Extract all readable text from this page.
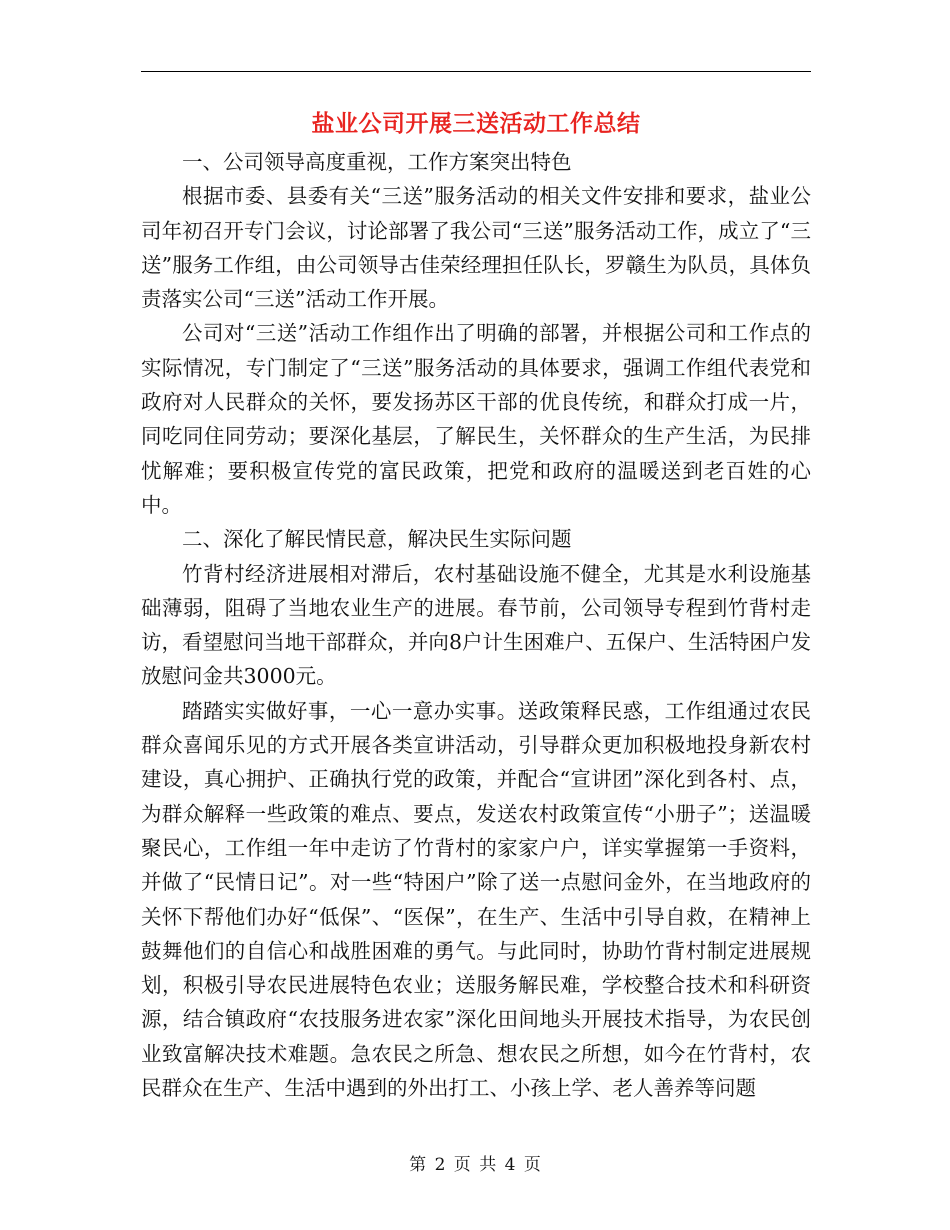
盐业公司开展三送活动工作总结

一、公司领导高度重视，工作方案突出特色

根据市委、县委有关“三送”服务活动的相关文件安排和要求，盐业公司年初召开专门会议，讨论部署了我公司“三送”服务活动工作，成立了“三送”服务工作组，由公司领导古佳荣经理担任队长，罗赣生为队员，具体负责落实公司“三送”活动工作开展。

公司对“三送”活动工作组作出了明确的部署，并根据公司和工作点的实际情况，专门制定了“三送”服务活动的具体要求，强调工作组代表党和政府对人民群众的关怀，要发扬苏区干部的优良传统，和群众打成一片，同吃同住同劳动；要深化基层，了解民生，关怀群众的生产生活，为民排忧解难；要积极宣传党的富民政策，把党和政府的温暖送到老百姓的心中。

二、深化了解民情民意，解决民生实际问题

竹背村经济进展相对滞后，农村基础设施不健全，尤其是水利设施基础薄弱，阻碍了当地农业生产的进展。春节前，公司领导专程到竹背村走访，看望慰问当地干部群众，并向8户计生困难户、五保户、生活特困户发放慰问金共3000元。

踏踏实实做好事，一心一意办实事。送政策释民惑，工作组通过农民群众喜闻乐见的方式开展各类宣讲活动，引导群众更加积极地投身新农村建设，真心拥护、正确执行党的政策，并配合“宣讲团”深化到各村、点，为群众解释一些政策的难点、要点，发送农村政策宣传“小册子”；送温暖聚民心，工作组一年中走访了竹背村的家家户户，详实掌握第一手资料，并做了“民情日记”。对一些“特困户”除了送一点慰问金外，在当地政府的关怀下帮他们办好“低保”、“医保”，在生产、生活中引导自救，在精神上鼓舞他们的自信心和战胜困难的勇气。与此同时，协助竹背村制定进展规划，积极引导农民进展特色农业；送服务解民难，学校整合技术和科研资源，结合镇政府“农技服务进农家”深化田间地头开展技术指导，为农民创业致富解决技术难题。急农民之所急、想农民之所想，如今在竹背村，农民群众在生产、生活中遇到的外出打工、小孩上学、老人善养等问题

第 2 页 共 4 页
